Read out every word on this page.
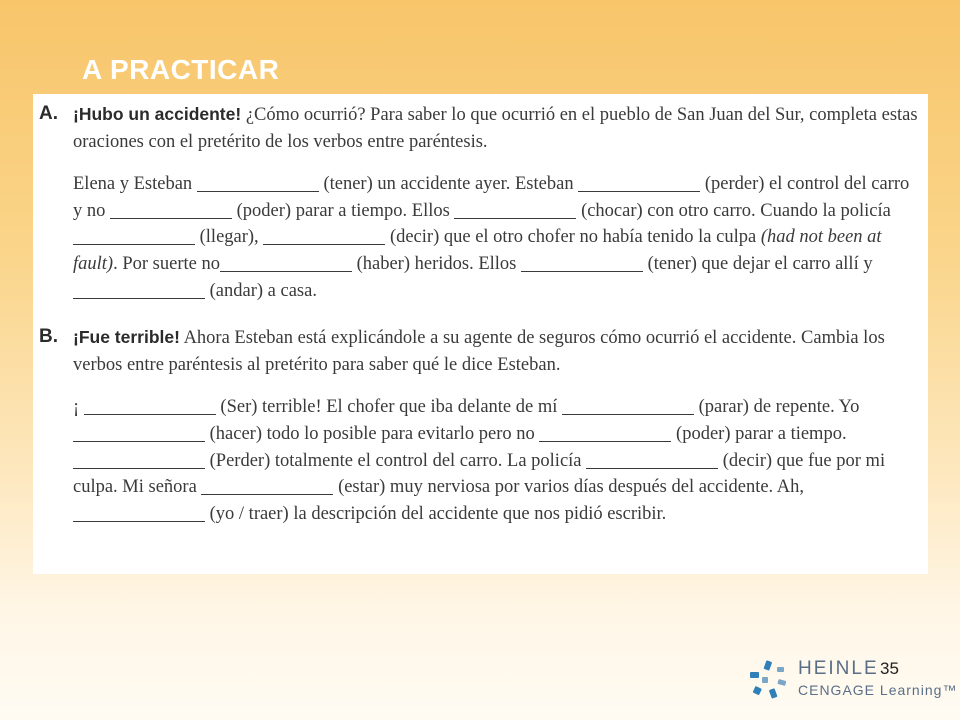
A PRACTICAR
A. ¡Hubo un accidente! ¿Cómo ocurrió? Para saber lo que ocurrió en el pueblo de San Juan del Sur, completa estas oraciones con el pretérito de los verbos entre paréntesis.

Elena y Esteban	(tener) un accidente ayer. Esteban	(perder) el control del carro y no	(poder) parar a tiempo. Ellos	(chocar) con otro carro. Cuando la policía  (llegar),	(decir) que el otro chofer no había tenido la culpa (had not been at fault). Por suerte no	(haber) heridos. Ellos	(tener) que dejar el carro allí y  (andar) a casa.

B. ¡Fue terrible! Ahora Esteban está explicándole a su agente de seguros cómo ocurrió el accidente. Cambia los verbos entre paréntesis al pretérito para saber qué le dice Esteban.

¡	(Ser) terrible! El chofer que iba delante de mí	(parar) de repente. Yo  (hacer) todo lo posible para evitarlo pero no	(poder) parar a tiempo.  (Perder) totalmente el control del carro. La policía	(decir) que fue por mi culpa. Mi señora	(estar) muy nerviosa por varios días después del accidente. Ah,  (yo / traer) la descripción del accidente que nos pidió escribir.

HEINLE
CENGAGE Learning™
35
